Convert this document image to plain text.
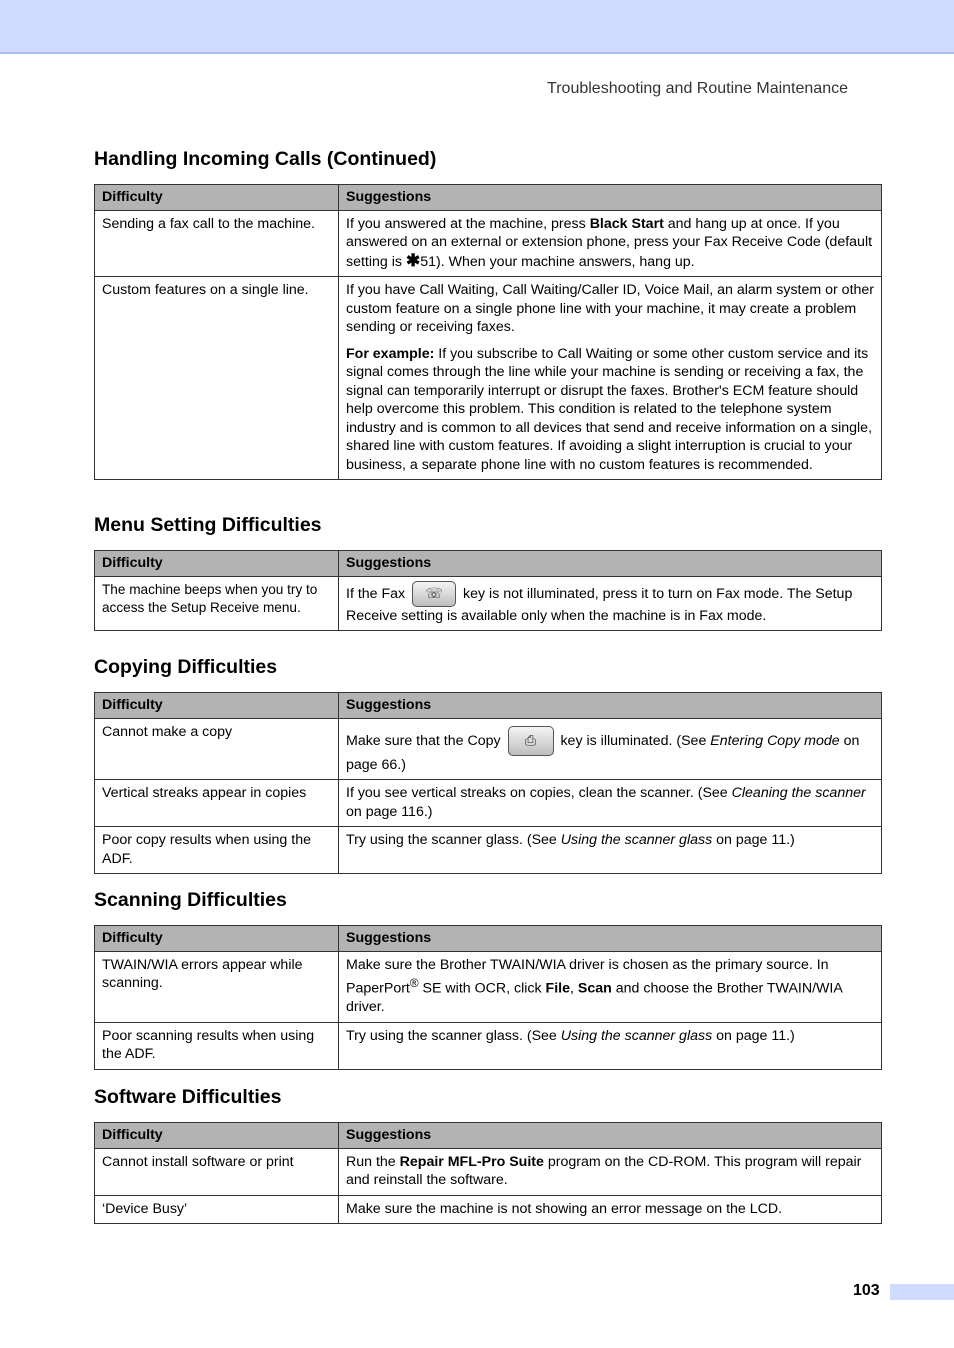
Troubleshooting and Routine Maintenance
Handling Incoming Calls (Continued)
Difficulty	Suggestions
Sending a fax call to the machine.	If you answered at the machine, press Black Start and hang up at once. If you answered on an external or extension phone, press your Fax Receive Code (default setting is ✱51). When your machine answers, hang up.
Custom features on a single line.	If you have Call Waiting, Call Waiting/Caller ID, Voice Mail, an alarm system or other custom feature on a single phone line with your machine, it may create a problem sending or receiving faxes.

For example: If you subscribe to Call Waiting or some other custom service and its signal comes through the line while your machine is sending or receiving a fax, the signal can temporarily interrupt or disrupt the faxes. Brother's ECM feature should help overcome this problem. This condition is related to the telephone system industry and is common to all devices that send and receive information on a single, shared line with custom features. If avoiding a slight interruption is crucial to your business, a separate phone line with no custom features is recommended.

Menu Setting Difficulties
Difficulty	Suggestions
The machine beeps when you try to access the Setup Receive menu.	If the Fax ☏ key is not illuminated, press it to turn on Fax mode. The Setup Receive setting is available only when the machine is in Fax mode.
Copying Difficulties
Difficulty	Suggestions
Cannot make a copy	Make sure that the Copy ⎙ key is illuminated. (See Entering Copy mode on page 66.)
Vertical streaks appear in copies	If you see vertical streaks on copies, clean the scanner. (See Cleaning the scanner on page 116.)
Poor copy results when using the ADF.	Try using the scanner glass. (See Using the scanner glass on page 11.)
Scanning Difficulties
Difficulty	Suggestions
TWAIN/WIA errors appear while scanning.	Make sure the Brother TWAIN/WIA driver is chosen as the primary source. In PaperPort® SE with OCR, click File, Scan and choose the Brother TWAIN/WIA driver.
Poor scanning results when using the ADF.	Try using the scanner glass. (See Using the scanner glass on page 11.)
Software Difficulties
Difficulty	Suggestions
Cannot install software or print	Run the Repair MFL-Pro Suite program on the CD-ROM. This program will repair and reinstall the software.
‘Device Busy’	Make sure the machine is not showing an error message on the LCD.
103
